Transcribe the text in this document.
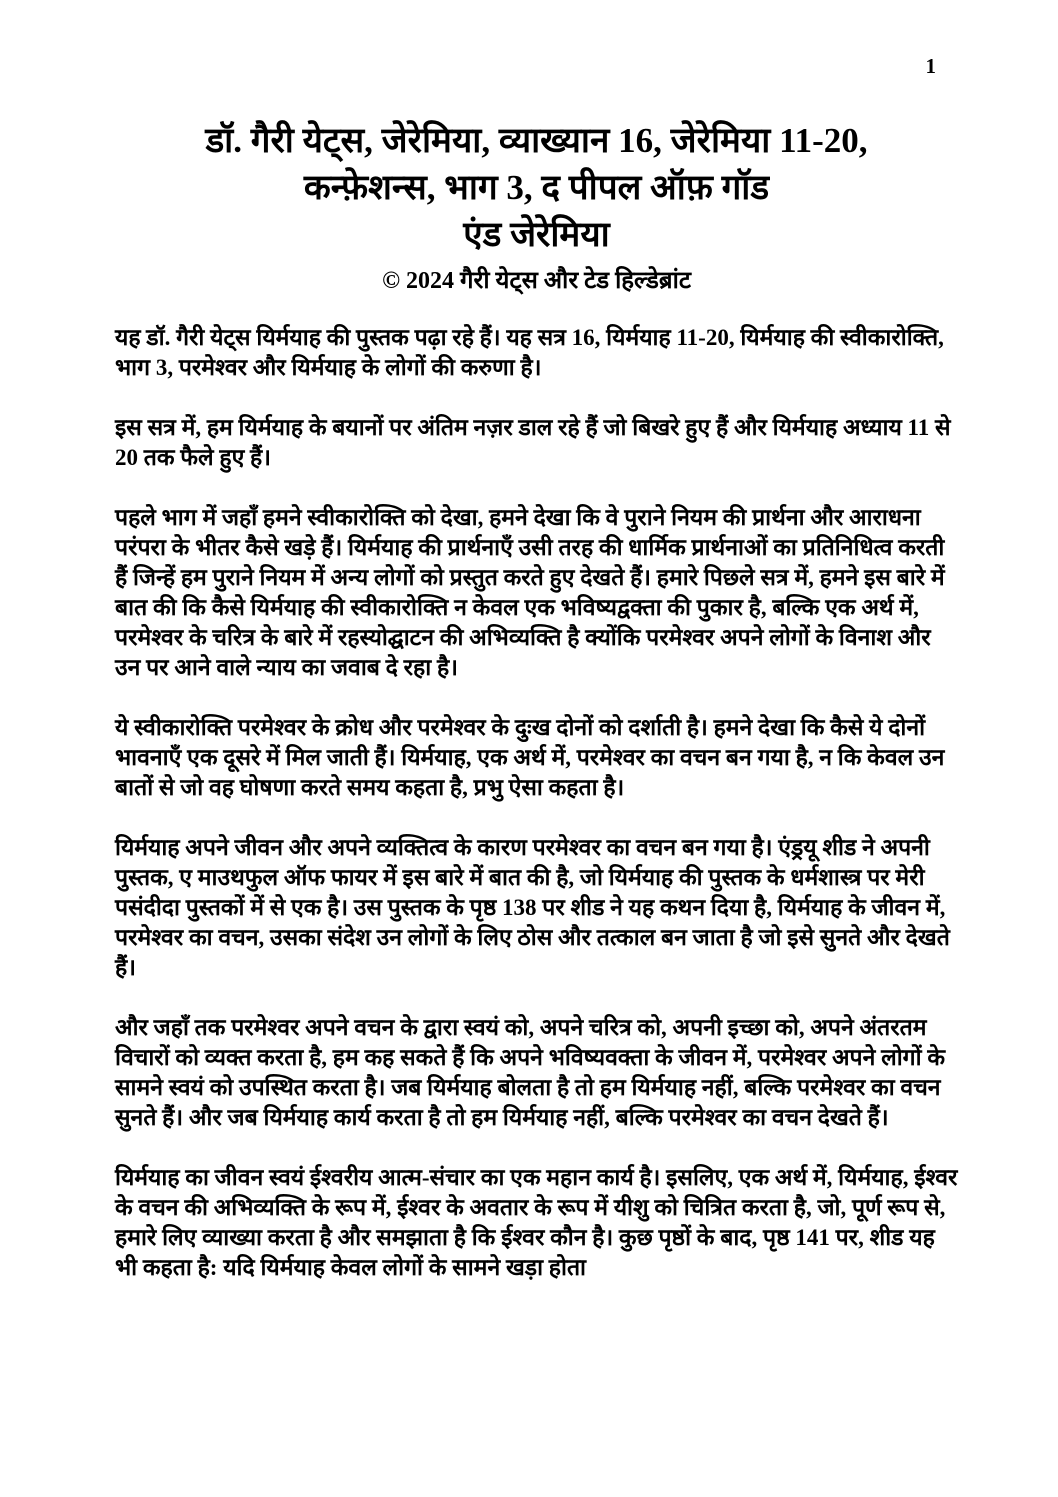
1
डॉ. गैरी येट्स, जेरेमिया, व्याख्यान 16, जेरेमिया 11-20,
कन्फ़ेशन्स, भाग 3, द पीपल ऑफ़ गॉड
एंड जेरेमिया
© 2024 गैरी येट्स और टेड हिल्डेब्रांट

यह डॉ. गैरी येट्स यिर्मयाह की पुस्तक पढ़ा रहे हैं। यह सत्र 16, यिर्मयाह 11-20, यिर्मयाह की स्वीकारोक्ति, भाग 3, परमेश्वर और यिर्मयाह के लोगों की करुणा है।

इस सत्र में, हम यिर्मयाह के बयानों पर अंतिम नज़र डाल रहे हैं जो बिखरे हुए हैं और यिर्मयाह अध्याय 11 से 20 तक फैले हुए हैं।

पहले भाग में जहाँ हमने स्वीकारोक्ति को देखा, हमने देखा कि वे पुराने नियम की प्रार्थना और आराधना परंपरा के भीतर कैसे खड़े हैं। यिर्मयाह की प्रार्थनाएँ उसी तरह की धार्मिक प्रार्थनाओं का प्रतिनिधित्व करती हैं जिन्हें हम पुराने नियम में अन्य लोगों को प्रस्तुत करते हुए देखते हैं। हमारे पिछले सत्र में, हमने इस बारे में बात की कि कैसे यिर्मयाह की स्वीकारोक्ति न केवल एक भविष्यद्वक्ता की पुकार है, बल्कि एक अर्थ में, परमेश्वर के चरित्र के बारे में रहस्योद्घाटन की अभिव्यक्ति है क्योंकि परमेश्वर अपने लोगों के विनाश और उन पर आने वाले न्याय का जवाब दे रहा है।

ये स्वीकारोक्ति परमेश्वर के क्रोध और परमेश्वर के दुःख दोनों को दर्शाती है। हमने देखा कि कैसे ये दोनों भावनाएँ एक दूसरे में मिल जाती हैं। यिर्मयाह, एक अर्थ में, परमेश्वर का वचन बन गया है, न कि केवल उन बातों से जो वह घोषणा करते समय कहता है, प्रभु ऐसा कहता है।

यिर्मयाह अपने जीवन और अपने व्यक्तित्व के कारण परमेश्वर का वचन बन गया है। एंड्रयू शीड ने अपनी पुस्तक, ए माउथफुल ऑफ फायर में इस बारे में बात की है, जो यिर्मयाह की पुस्तक के धर्मशास्त्र पर मेरी पसंदीदा पुस्तकों में से एक है। उस पुस्तक के पृष्ठ 138 पर शीड ने यह कथन दिया है, यिर्मयाह के जीवन में, परमेश्वर का वचन, उसका संदेश उन लोगों के लिए ठोस और तत्काल बन जाता है जो इसे सुनते और देखते हैं।

और जहाँ तक परमेश्वर अपने वचन के द्वारा स्वयं को, अपने चरित्र को, अपनी इच्छा को, अपने अंतरतम विचारों को व्यक्त करता है, हम कह सकते हैं कि अपने भविष्यवक्ता के जीवन में, परमेश्वर अपने लोगों के सामने स्वयं को उपस्थित करता है। जब यिर्मयाह बोलता है तो हम यिर्मयाह नहीं, बल्कि परमेश्वर का वचन सुनते हैं। और जब यिर्मयाह कार्य करता है तो हम यिर्मयाह नहीं, बल्कि परमेश्वर का वचन देखते हैं।

यिर्मयाह का जीवन स्वयं ईश्वरीय आत्म-संचार का एक महान कार्य है। इसलिए, एक अर्थ में, यिर्मयाह, ईश्वर के वचन की अभिव्यक्ति के रूप में, ईश्वर के अवतार के रूप में यीशु को चित्रित करता है, जो, पूर्ण रूप से, हमारे लिए व्याख्या करता है और समझाता है कि ईश्वर कौन है। कुछ पृष्ठों के बाद, पृष्ठ 141 पर, शीड यह भी कहता है: यदि यिर्मयाह केवल लोगों के सामने खड़ा होता
